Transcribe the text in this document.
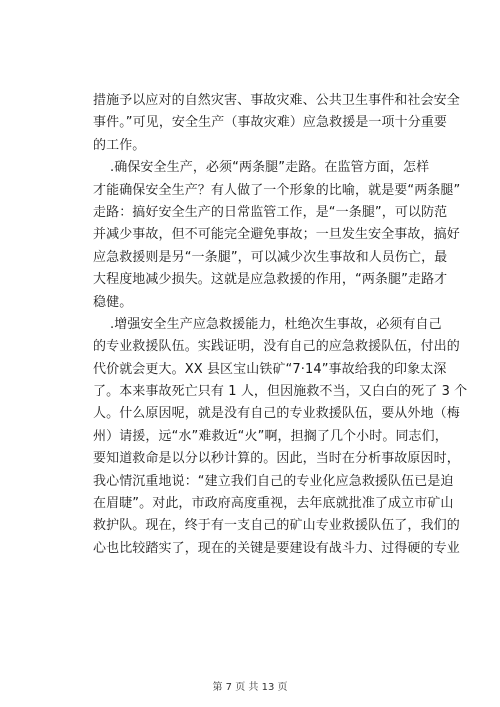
措施予以应对的自然灾害、事故灾难、公共卫生事件和社会安全
事件。”可见，安全生产（事故灾难）应急救援是一项十分重要
的工作。
.确保安全生产，必须“两条腿”走路。在监管方面，怎样
才能确保安全生产？有人做了一个形象的比喻，就是要“两条腿”
走路：搞好安全生产的日常监管工作，是“一条腿”，可以防范
并减少事故，但不可能完全避免事故；一旦发生安全事故，搞好
应急救援则是另“一条腿”，可以减少次生事故和人员伤亡，最
大程度地减少损失。这就是应急救援的作用，“两条腿”走路才
稳健。
.增强安全生产应急救援能力，杜绝次生事故，必须有自己
的专业救援队伍。实践证明，没有自己的应急救援队伍，付出的
代价就会更大。XX 县区宝山铁矿“7·14”事故给我的印象太深
了。本来事故死亡只有 1 人，但因施救不当，又白白的死了 3 个
人。什么原因呢，就是没有自己的专业救援队伍，要从外地（梅
州）请援，远“水”难救近“火”啊，担搁了几个小时。同志们，
要知道救命是以分以秒计算的。因此，当时在分析事故原因时，
我心情沉重地说：“建立我们自己的专业化应急救援队伍已是迫
在眉睫”。对此，市政府高度重视，去年底就批准了成立市矿山
救护队。现在，终于有一支自己的矿山专业救援队伍了，我们的
心也比较踏实了，现在的关键是要建设有战斗力、过得硬的专业
第 7 页 共 13 页
